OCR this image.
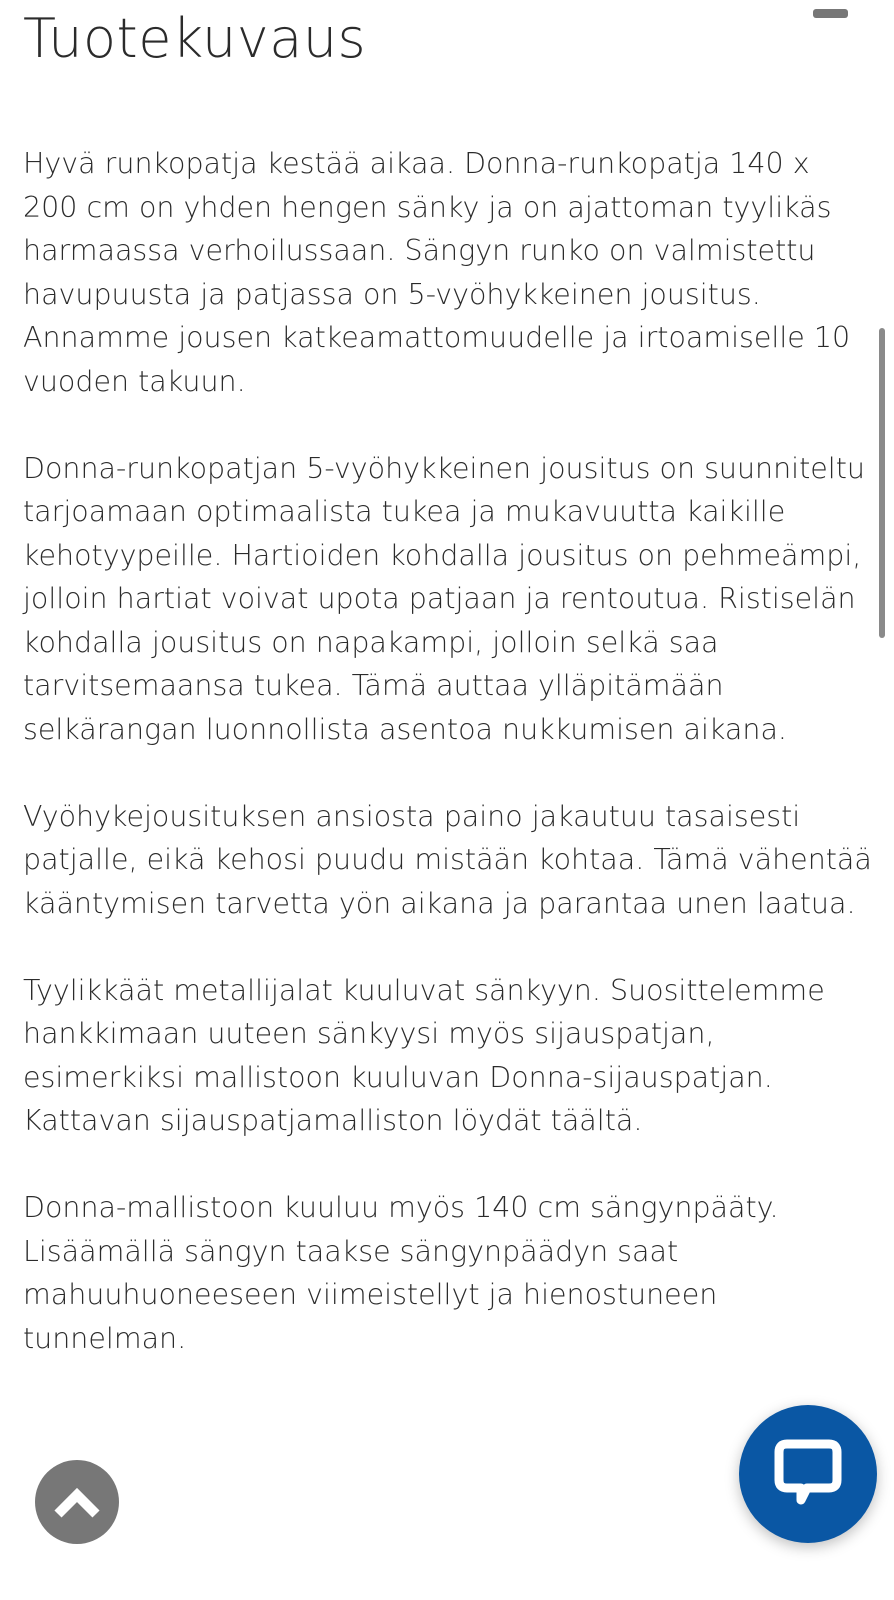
Tuotekuvaus

Hyvä runkopatja kestää aikaa. Donna-runkopatja 140 x 200 cm on yhden hengen sänky ja on ajattoman tyylikäs harmaassa verhoilussaan. Sängyn runko on valmistettu havupuusta ja patjassa on 5-vyöhykkeinen jousitus. Annamme jousen katkeamattomuudelle ja irtoamiselle 10 vuoden takuun.

Donna-runkopatjan 5-vyöhykkeinen jousitus on suunniteltu tarjoamaan optimaalista tukea ja mukavuutta kaikille kehotyypeille. Hartioiden kohdalla jousitus on pehmeämpi, jolloin hartiat voivat upota patjaan ja rentoutua. Ristiselän kohdalla jousitus on napakampi, jolloin selkä saa tarvitsemaansa tukea. Tämä auttaa ylläpitämään selkärangan luonnollista asentoa nukkumisen aikana.

Vyöhykejousituksen ansiosta paino jakautuu tasaisesti patjalle, eikä kehosi puudu mistään kohtaa. Tämä vähentää kääntymisen tarvetta yön aikana ja parantaa unen laatua.

Tyylikkäät metallijalat kuuluvat sänkyyn. Suosittelemme hankkimaan uuteen sänkyysi myös sijauspatjan, esimerkiksi mallistoon kuuluvan Donna-sijauspatjan. Kattavan sijauspatjamalliston löydät täältä.

Donna-mallistoon kuuluu myös 140 cm sängynpääty. Lisäämällä sängyn taakse sängynpäädyn saat mahuuhuoneeseen viimeistellyt ja hienostuneen tunnelman.
